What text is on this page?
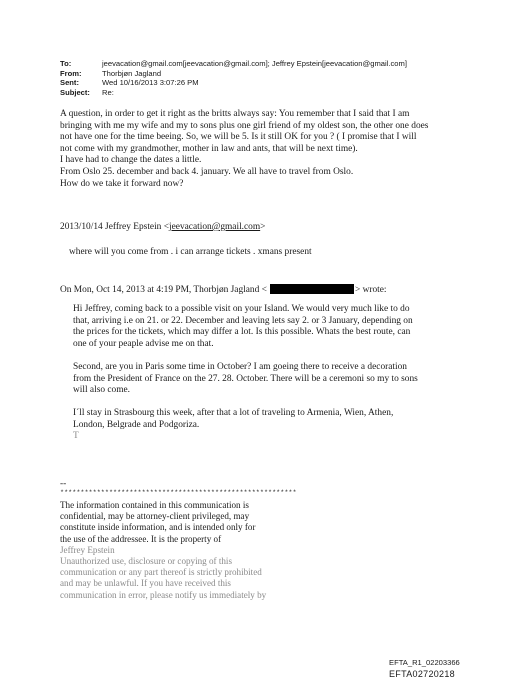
To:	jeevacation@gmail.com[jeevacation@gmail.com]; Jeffrey Epstein[jeevacation@gmail.com]
From:	Thorbjøn Jagland
Sent:	Wed 10/16/2013 3:07:26 PM
Subject:	Re:
A question, in order to get it right as the britts always say: You remember that I said that I am
bringing with me my wife and my to sons plus one girl friend of my oldest son, the other one does
not have one for the time beeing. So, we will be 5. Is it still OK for you ? ( I promise that I will
not come with my grandmother, mother in law and ants, that will be next time).
I have had to change the dates a little.
From Oslo 25. december and back 4. january. We all have to travel from Oslo.
How do we take it forward now?
2013/10/14 Jeffrey Epstein <jeevacation@gmail.com>
where will you come from . i can arrange tickets . xmans present
On Mon, Oct 14, 2013 at 4:19 PM, Thorbjøn Jagland <	> wrote:
Hi Jeffrey, coming back to a possible visit on your Island. We would very much like to do
that, arriving i.e on 21. or 22. December and leaving lets say 2. or 3 January, depending on
the prices for the tickets, which may differ a lot. Is this possible. Whats the best route, can
one of your peaple advise me on that.
Second, are you in Paris some time in October? I am goeing there to receive a decoration
from the President of France on the 27. 28. October. There will be a ceremoni so my to sons
will also come.
I´ll stay in Strasbourg this week, after that a lot of traveling to Armenia, Wien, Athen,
London, Belgrade and Podgoriza.
T
--
**********************************************************
The information contained in this communication is
confidential, may be attorney-client privileged, may
constitute inside information, and is intended only for
the use of the addressee. It is the property of
Jeffrey Epstein
Unauthorized use, disclosure or copying of this
communication or any part thereof is strictly prohibited
and may be unlawful. If you have received this
communication in error, please notify us immediately by
EFTA_R1_02203366
EFTA02720218
